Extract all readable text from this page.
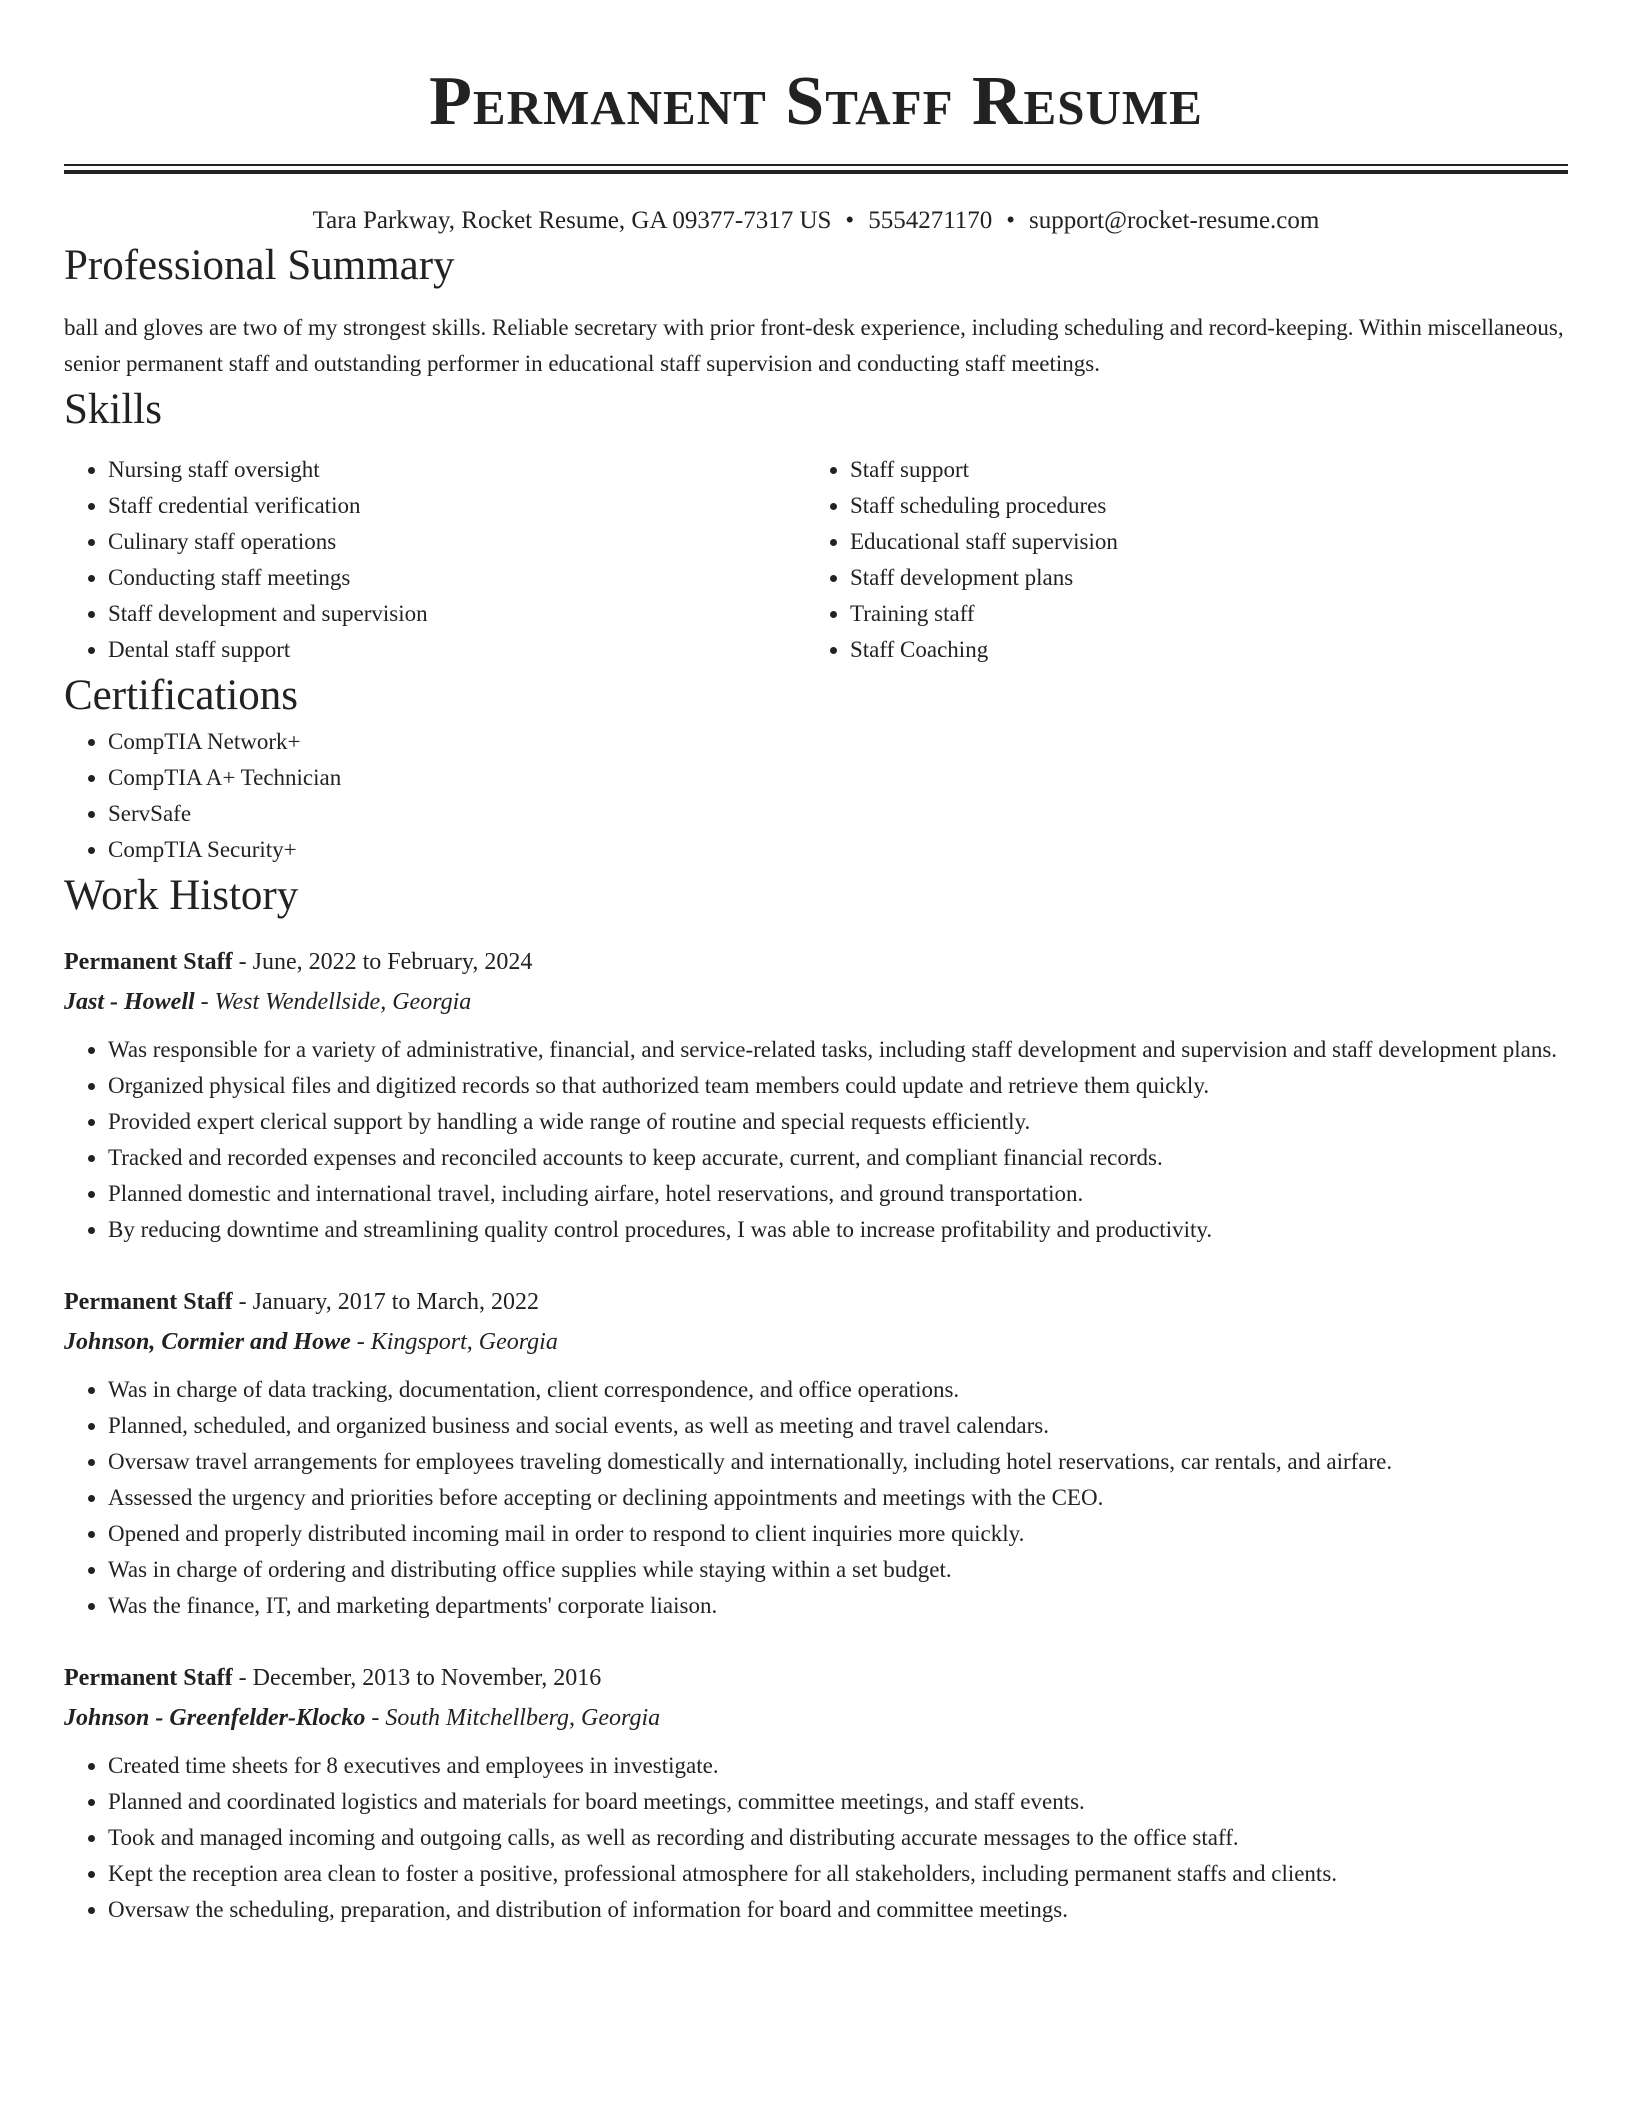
Permanent Staff Resume
Tara Parkway, Rocket Resume, GA 09377-7317 US • 5554271170 • support@rocket-resume.com
Professional Summary

ball and gloves are two of my strongest skills. Reliable secretary with prior front-desk experience, including scheduling and record-keeping. Within miscellaneous, senior permanent staff and outstanding performer in educational staff supervision and conducting staff meetings.

Skills
• Nursing staff oversight
• Staff credential verification
• Culinary staff operations
• Conducting staff meetings
• Staff development and supervision
• Dental staff support
• Staff support
• Staff scheduling procedures
• Educational staff supervision
• Staff development plans
• Training staff
• Staff Coaching
Certifications
• CompTIA Network+
• CompTIA A+ Technician
• ServSafe
• CompTIA Security+
Work History
Permanent Staff - June, 2022 to February, 2024
Jast - Howell - West Wendellside, Georgia
• Was responsible for a variety of administrative, financial, and service-related tasks, including staff development and supervision and staff development plans.
• Organized physical files and digitized records so that authorized team members could update and retrieve them quickly.
• Provided expert clerical support by handling a wide range of routine and special requests efficiently.
• Tracked and recorded expenses and reconciled accounts to keep accurate, current, and compliant financial records.
• Planned domestic and international travel, including airfare, hotel reservations, and ground transportation.
• By reducing downtime and streamlining quality control procedures, I was able to increase profitability and productivity.
Permanent Staff - January, 2017 to March, 2022
Johnson, Cormier and Howe - Kingsport, Georgia
• Was in charge of data tracking, documentation, client correspondence, and office operations.
• Planned, scheduled, and organized business and social events, as well as meeting and travel calendars.
• Oversaw travel arrangements for employees traveling domestically and internationally, including hotel reservations, car rentals, and airfare.
• Assessed the urgency and priorities before accepting or declining appointments and meetings with the CEO.
• Opened and properly distributed incoming mail in order to respond to client inquiries more quickly.
• Was in charge of ordering and distributing office supplies while staying within a set budget.
• Was the finance, IT, and marketing departments' corporate liaison.
Permanent Staff - December, 2013 to November, 2016
Johnson - Greenfelder-Klocko - South Mitchellberg, Georgia
• Created time sheets for 8 executives and employees in investigate.
• Planned and coordinated logistics and materials for board meetings, committee meetings, and staff events.
• Took and managed incoming and outgoing calls, as well as recording and distributing accurate messages to the office staff.
• Kept the reception area clean to foster a positive, professional atmosphere for all stakeholders, including permanent staffs and clients.
• Oversaw the scheduling, preparation, and distribution of information for board and committee meetings.
